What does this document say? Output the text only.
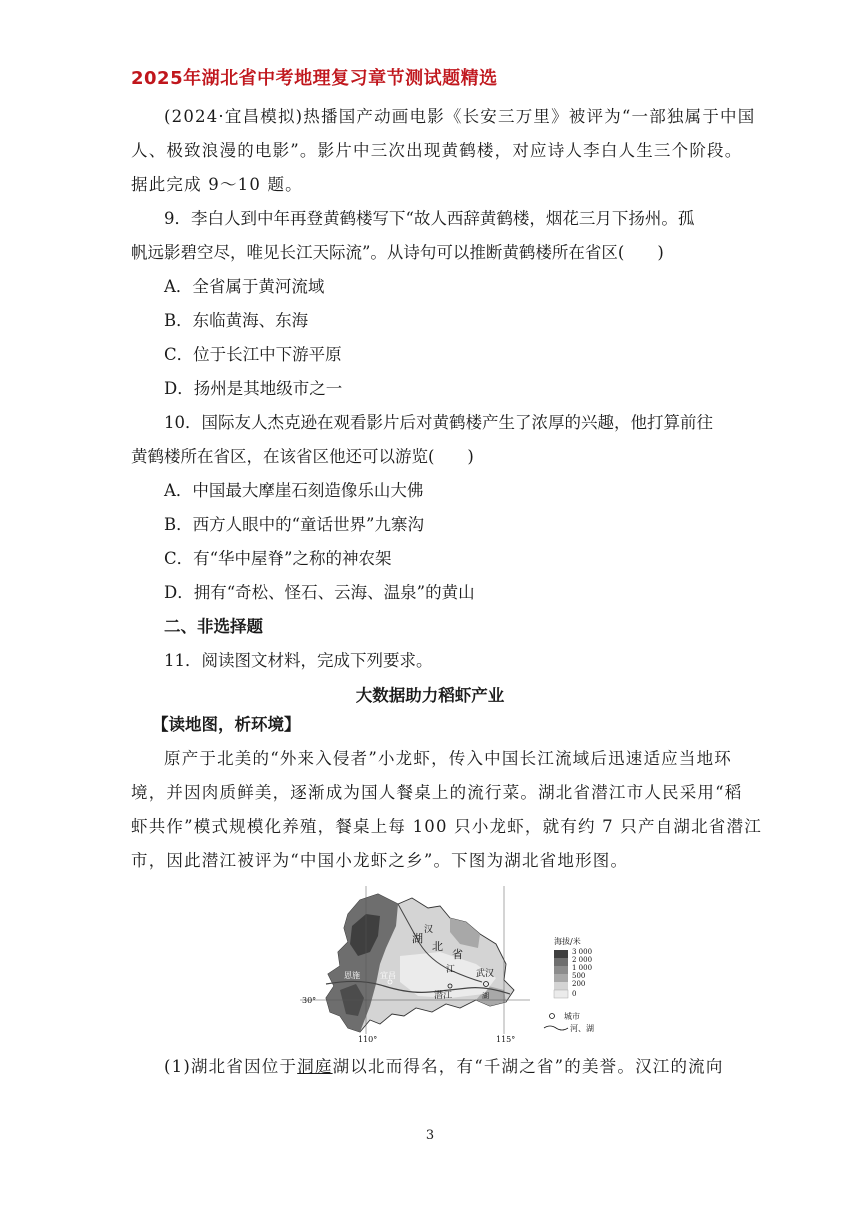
2025年湖北省中考地理复习章节测试题精选
(2024·宜昌模拟)热播国产动画电影《长安三万里》被评为“一部独属于中国
人、极致浪漫的电影”。影片中三次出现黄鹤楼，对应诗人李白人生三个阶段。
据此完成 9～10 题。
9．李白人到中年再登黄鹤楼写下“故人西辞黄鹤楼，烟花三月下扬州。孤
帆远影碧空尽，唯见长江天际流”。从诗句可以推断黄鹤楼所在省区(　　)
A．全省属于黄河流域
B．东临黄海、东海
C．位于长江中下游平原
D．扬州是其地级市之一
10．国际友人杰克逊在观看影片后对黄鹤楼产生了浓厚的兴趣，他打算前往
黄鹤楼所在省区，在该省区他还可以游览(　　)
A．中国最大摩崖石刻造像乐山大佛
B．西方人眼中的“童话世界”九寨沟
C．有“华中屋脊”之称的神农架
D．拥有“奇松、怪石、云海、温泉”的黄山
二、非选择题
11．阅读图文材料，完成下列要求。
大数据助力稻虾产业
【读地图，析环境】
原产于北美的“外来入侵者”小龙虾，传入中国长江流域后迅速适应当地环
境，并因肉质鲜美，逐渐成为国人餐桌上的流行菜。湖北省潜江市人民采用“稻
虾共作”模式规模化养殖，餐桌上每 100 只小龙虾，就有约 7 只产自湖北省潜江
市，因此潜江被评为“中国小龙虾之乡”。下图为湖北省地形图。
湖
北
省
汉
江 武汉
潜江
宜昌
恩施
湖
30°
110°	115°
海拔/米
3 000
2 000
1 000
500
200
0
城市
河、湖
(1)湖北省因位于洞庭湖以北而得名，有“千湖之省”的美誉。汉江的流向
3
